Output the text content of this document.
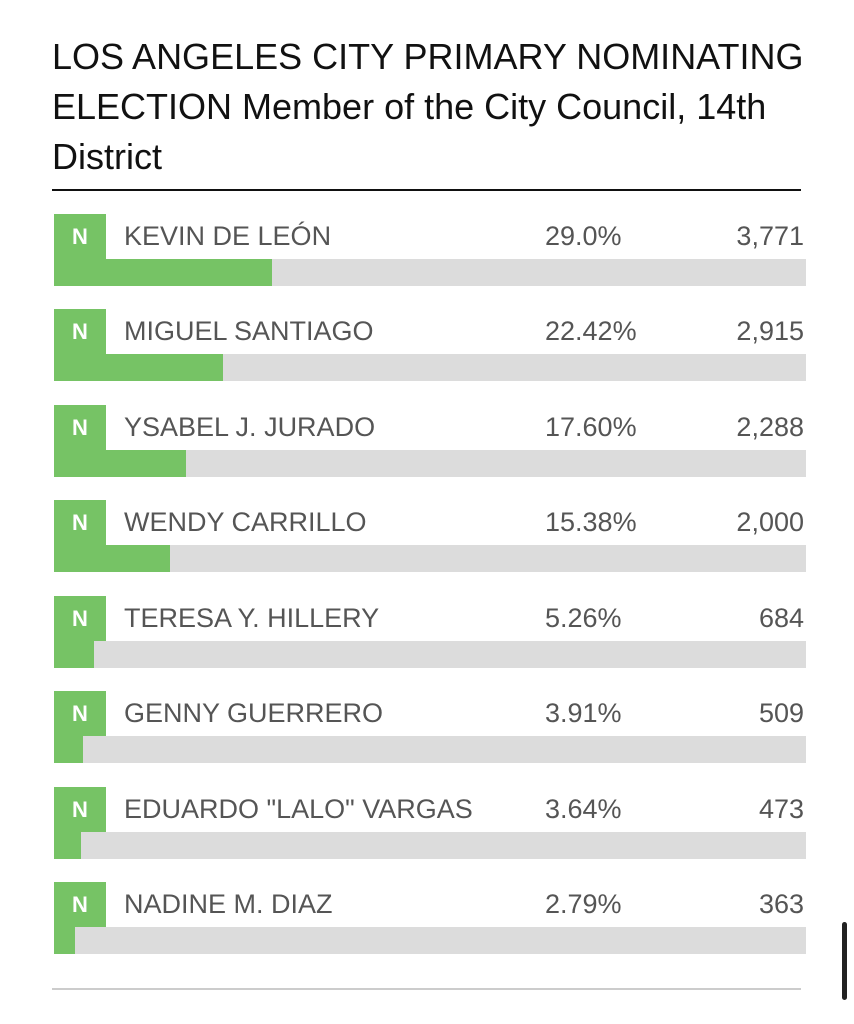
LOS ANGELES CITY PRIMARY NOMINATING ELECTION Member of the City Council, 14th District
N	KEVIN DE LEÓN	29.0%	3,771
N	MIGUEL SANTIAGO	22.42%	2,915
N	YSABEL J. JURADO	17.60%	2,288
N	WENDY CARRILLO	15.38%	2,000
N	TERESA Y. HILLERY	5.26%	684
N	GENNY GUERRERO	3.91%	509
N	EDUARDO "LALO" VARGAS	3.64%	473
N	NADINE M. DIAZ	2.79%	363
